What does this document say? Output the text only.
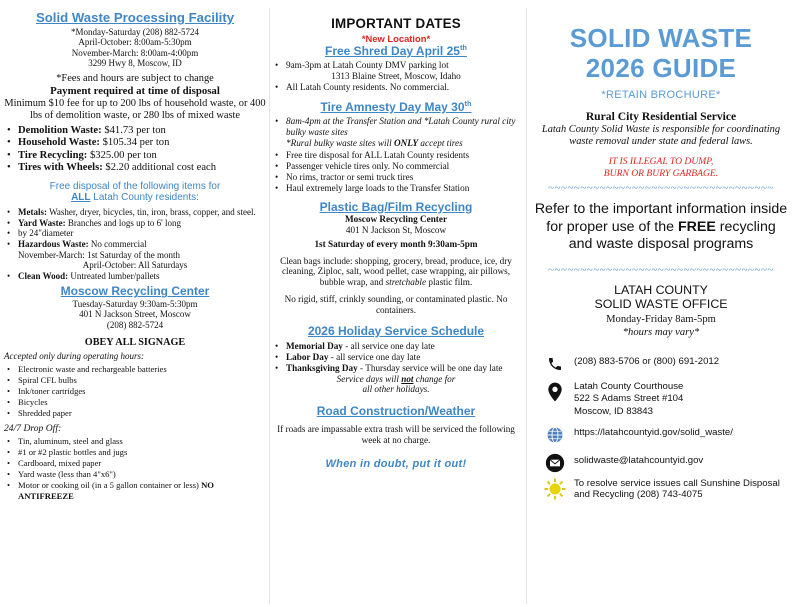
Solid Waste Processing Facility
*Monday-Saturday (208) 882-5724
April-October: 8:00am-5:30pm
November-March: 8:00am-4:00pm
3299 Hwy 8, Moscow, ID
*Fees and hours are subject to change
Payment required at time of disposal
Minimum $10 fee for up to 200 lbs of household waste, or 400 lbs of demolition waste, or 280 lbs of mixed waste
• Demolition Waste: $41.73 per ton
• Household Waste: $105.34 per ton
• Tire Recycling: $325.00 per ton
• Tires with Wheels: $2.20 additional cost each
Free disposal of the following items for
ALL Latah County residents:
• Metals: Washer, dryer, bicycles, tin, iron, brass, copper, and steel.
• Yard Waste: Branches and logs up to 6' long
• by 24"diameter
• Hazardous Waste: No commercial
November-March: 1st Saturday of the month
April-October: All Saturdays
• Clean Wood: Untreated lumber/pallets
Moscow Recycling Center
Tuesday-Saturday 9:30am-5:30pm
401 N Jackson Street, Moscow
(208) 882-5724
OBEY ALL SIGNAGE
Accepted only during operating hours:
• Electronic waste and rechargeable batteries
• Spiral CFL bulbs
• Ink/toner cartridges
• Bicycles
• Shredded paper
24/7 Drop Off:
• Tin, aluminum, steel and glass
• #1 or #2 plastic bottles and jugs
• Cardboard, mixed paper
• Yard waste (less than 4"x6")
• Motor or cooking oil (in a 5 gallon container or less) NO ANTIFREEZE
IMPORTANT DATES
*New Location*
Free Shred Day April 25th
• 9am-3pm at Latah County DMV parking lot
1313 Blaine Street, Moscow, Idaho
• All Latah County residents. No commercial.
Tire Amnesty Day May 30th
• 8am-4pm at the Transfer Station and *Latah County rural city bulky waste sites
*Rural bulky waste sites will ONLY accept tires
• Free tire disposal for ALL Latah County residents
• Passenger vehicle tires only. No commercial
• No rims, tractor or semi truck tires
• Haul extremely large loads to the Transfer Station
Plastic Bag/Film Recycling
Moscow Recycling Center
401 N Jackson St, Moscow
1st Saturday of every month 9:30am-5pm
Clean bags include: shopping, grocery, bread, produce, ice, dry cleaning, Ziploc, salt, wood pellet, case wrapping, air pillows, bubble wrap, and stretchable plastic film.
No rigid, stiff, crinkly sounding, or contaminated plastic. No containers.
2026 Holiday Service Schedule
• Memorial Day - all service one day late
• Labor Day - all service one day late
• Thanksgiving Day - Thursday service will be one day late
Service days will not change for
all other holidays.
Road Construction/Weather
If roads are impassable extra trash will be serviced the following week at no charge.
When in doubt, put it out!
SOLID WASTE
2026 GUIDE
*RETAIN BROCHURE*
Rural City Residential Service
Latah County Solid Waste is responsible for coordinating waste removal under state and federal laws.
IT IS ILLEGAL TO DUMP,
BURN OR BURY GARBAGE.
~~~~~~~~~~~~~~~~~~~~~~~~~~~~~~~~~~~
Refer to the important information inside for proper use of the FREE recycling and waste disposal programs
~~~~~~~~~~~~~~~~~~~~~~~~~~~~~~~~~~~
LATAH COUNTY
SOLID WASTE OFFICE
Monday-Friday 8am-5pm
*hours may vary*
(208) 883-5706 or (800) 691-2012
Latah County Courthouse
522 S Adams Street #104
Moscow, ID 83843
https://latahcountyid.gov/solid_waste/
solidwaste@latahcountyid.gov
To resolve service issues call Sunshine Disposal and Recycling (208) 743-4075
